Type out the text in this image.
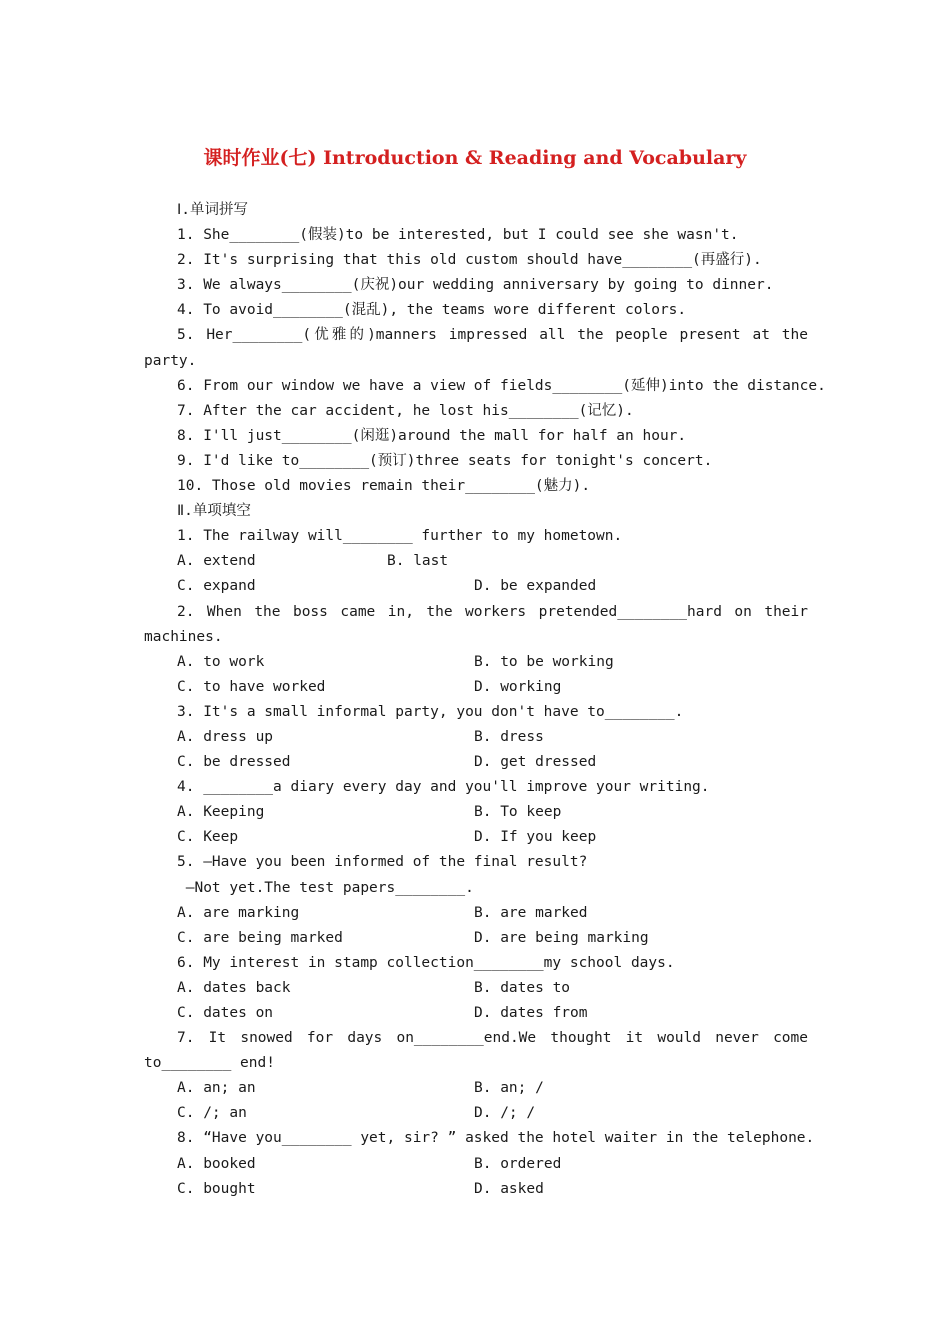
课时作业(七) Introduction & Reading and Vocabulary
Ⅰ.单词拼写
1. She________(假装)to be interested, but I could see she wasn't.
2. It's surprising that this old custom should have________(再盛行).
3. We always________(庆祝)our wedding anniversary by going to dinner.
4. To avoid________(混乱), the teams wore different colors.
5. Her________(优雅的)manners impressed all the people present at the
party.
6. From our window we have a view of fields________(延伸)into the distance.
7. After the car accident, he lost his________(记忆).
8. I'll just________(闲逛)around the mall for half an hour.
9. I'd like to________(预订)three seats for tonight's concert.
10. Those old movies remain their________(魅力).
Ⅱ.单项填空
1. The railway will________ further to my hometown.
A. extend	B. last
C. expand	D. be expanded
2. When the boss came in, the workers pretended________hard on their
machines.
A. to work	B. to be working
C. to have worked	D. working
3. It's a small informal party, you don't have to________.
A. dress up	B. dress
C. be dressed	D. get dressed
4. ________a diary every day and you'll improve your writing.
A. Keeping	B. To keep
C. Keep	D. If you keep
5. —Have you been informed of the final result?
—Not yet.The test papers________.
A. are marking	B. are marked
C. are being marked	D. are being marking
6. My interest in stamp collection________my school days.
A. dates back	B. dates to
C. dates on	D. dates from
7. It snowed for days on________end.We thought it would never come
to________ end!
A. an; an	B. an; /
C. /; an	D. /; /
8. “Have you________ yet, sir? ” asked the hotel waiter in the telephone.
A. booked	B. ordered
C. bought	D. asked
